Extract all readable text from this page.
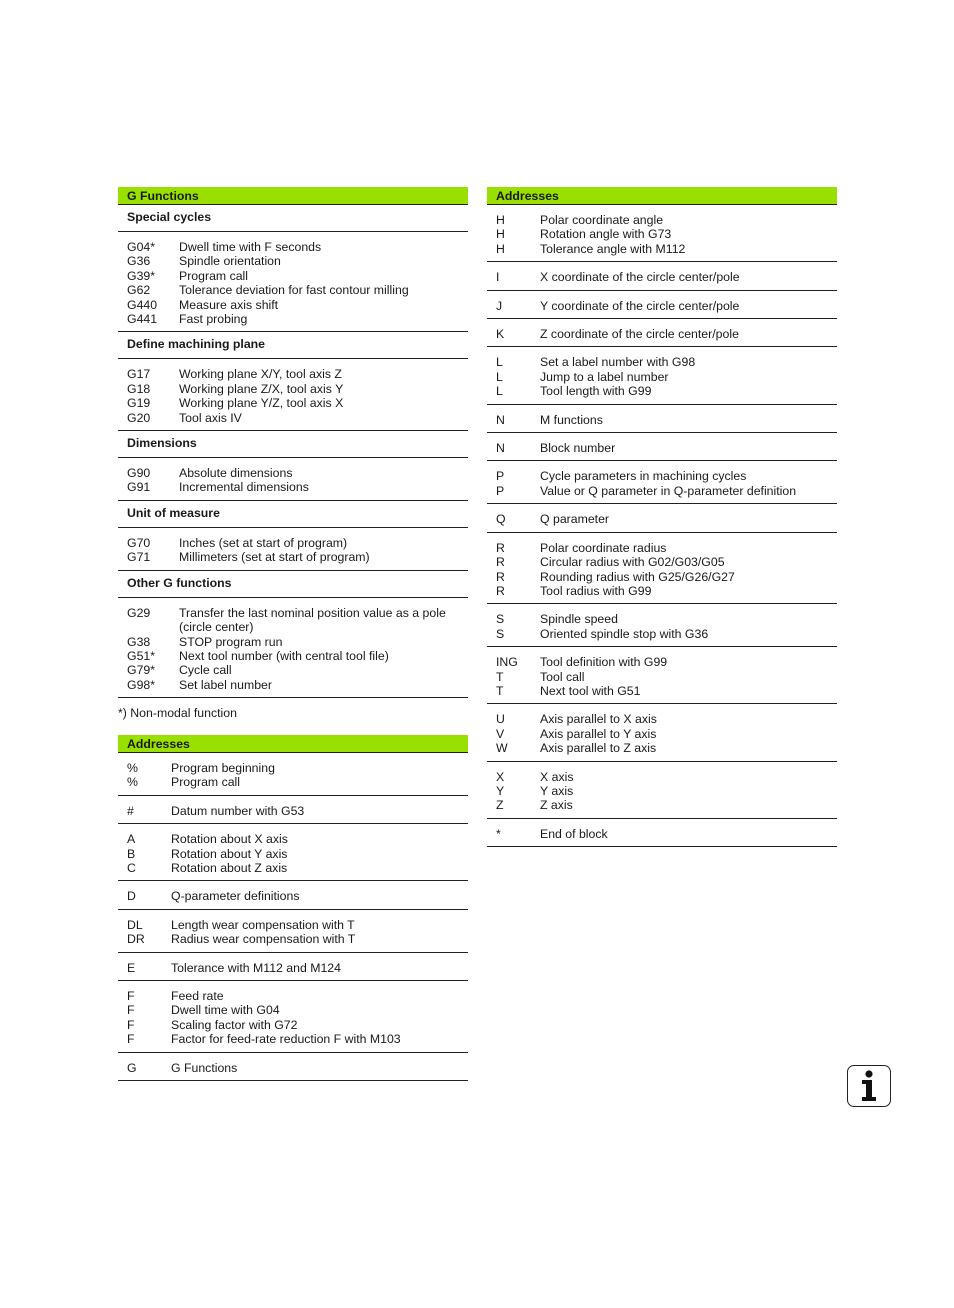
G Functions
Special cycles
G04*	Dwell time with F seconds
G36	Spindle orientation
G39*	Program call
G62	Tolerance deviation for fast contour milling
G440	Measure axis shift
G441	Fast probing
Define machining plane
G17	Working plane X/Y, tool axis Z
G18	Working plane Z/X, tool axis Y
G19	Working plane Y/Z, tool axis X
G20	Tool axis IV
Dimensions
G90	Absolute dimensions
G91	Incremental dimensions
Unit of measure
G70	Inches (set at start of program)
G71	Millimeters (set at start of program)
Other G functions
G29	Transfer the last nominal position value as a pole (circle center)
G38	STOP program run
G51*	Next tool number (with central tool file)
G79*	Cycle call
G98*	Set label number
*) Non-modal function
Addresses
%	Program beginning
%	Program call
#	Datum number with G53
A	Rotation about X axis
B	Rotation about Y axis
C	Rotation about Z axis
D	Q-parameter definitions
DL	Length wear compensation with T
DR	Radius wear compensation with T
E	Tolerance with M112 and M124
F	Feed rate
F	Dwell time with G04
F	Scaling factor with G72
F	Factor for feed-rate reduction F with M103
G	G Functions
Addresses
H	Polar coordinate angle
H	Rotation angle with G73
H	Tolerance angle with M112
I	X coordinate of the circle center/pole
J	Y coordinate of the circle center/pole
K	Z coordinate of the circle center/pole
L	Set a label number with G98
L	Jump to a label number
L	Tool length with G99
N	M functions
N	Block number
P	Cycle parameters in machining cycles
P	Value or Q parameter in Q-parameter definition
Q	Q parameter
R	Polar coordinate radius
R	Circular radius with G02/G03/G05
R	Rounding radius with G25/G26/G27
R	Tool radius with G99
S	Spindle speed
S	Oriented spindle stop with G36
ING	Tool definition with G99
T	Tool call
T	Next tool with G51
U	Axis parallel to X axis
V	Axis parallel to Y axis
W	Axis parallel to Z axis
X	X axis
Y	Y axis
Z	Z axis
*	End of block
